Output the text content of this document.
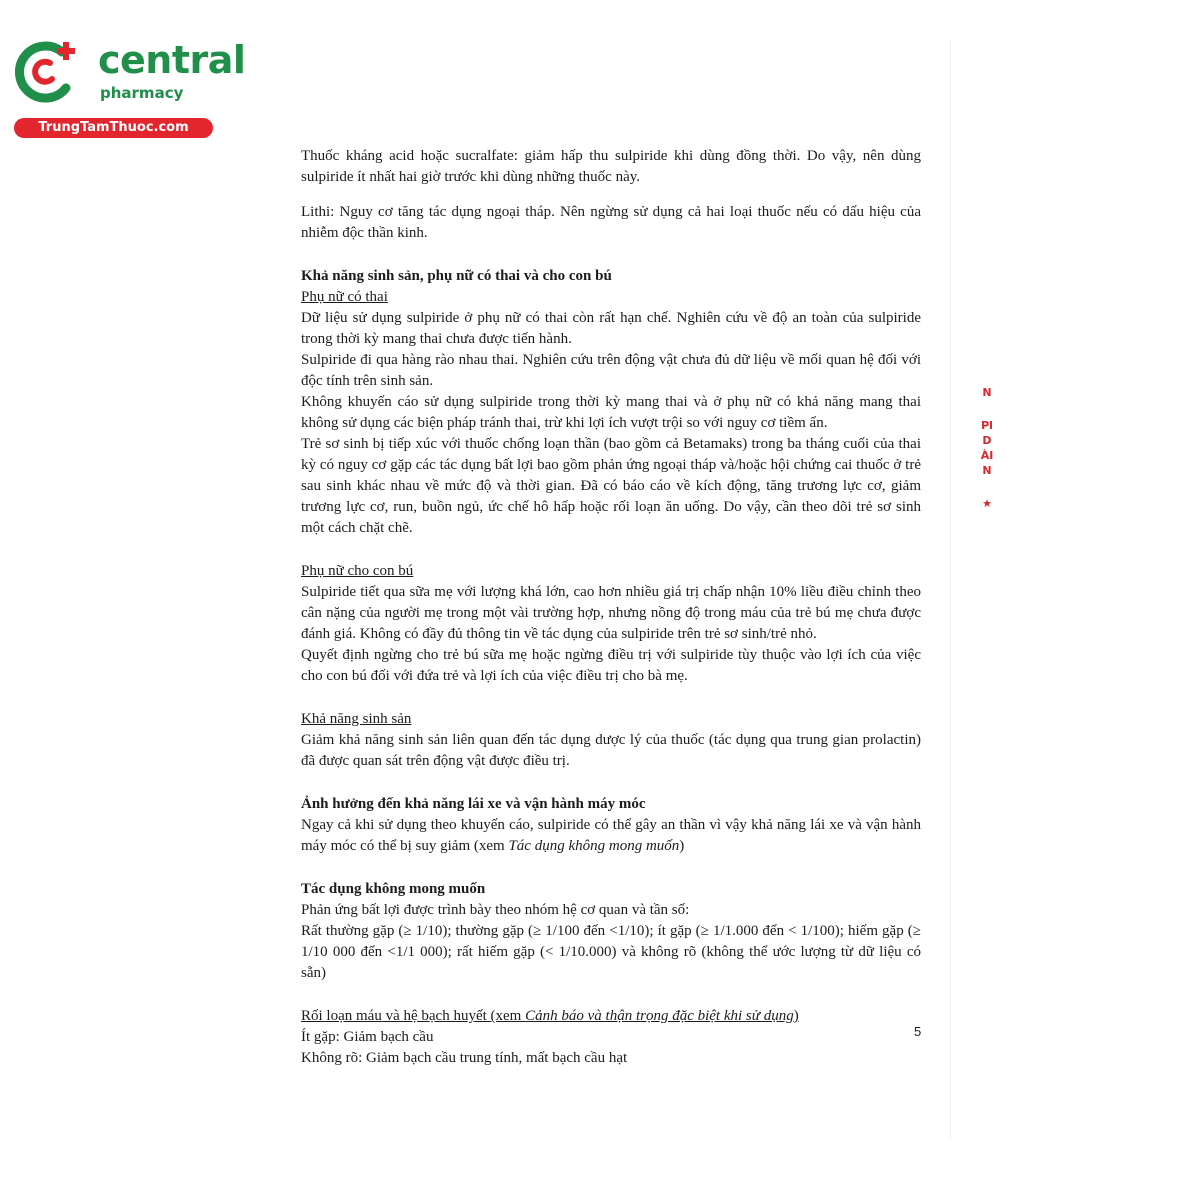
central
pharmacy
TrungTamThuoc.com

Thuốc kháng acid hoặc sucralfate: giảm hấp thu sulpiride khi dùng đồng thời. Do vậy, nên dùng sulpiride ít nhất hai giờ trước khi dùng những thuốc này.

Lithi: Nguy cơ tăng tác dụng ngoại tháp. Nên ngừng sử dụng cả hai loại thuốc nếu có dấu hiệu của nhiễm độc thần kinh.

Khả năng sinh sản, phụ nữ có thai và cho con bú

Phụ nữ có thai

Dữ liệu sử dụng sulpiride ở phụ nữ có thai còn rất hạn chế. Nghiên cứu về độ an toàn của sulpiride trong thời kỳ mang thai chưa được tiến hành.

Sulpiride đi qua hàng rào nhau thai. Nghiên cứu trên động vật chưa đủ dữ liệu về mối quan hệ đối với độc tính trên sinh sản.

Không khuyến cáo sử dụng sulpiride trong thời kỳ mang thai và ở phụ nữ có khả năng mang thai không sử dụng các biện pháp tránh thai, trừ khi lợi ích vượt trội so với nguy cơ tiềm ẩn.

Trẻ sơ sinh bị tiếp xúc với thuốc chống loạn thần (bao gồm cả Betamaks) trong ba tháng cuối của thai kỳ có nguy cơ gặp các tác dụng bất lợi bao gồm phản ứng ngoại tháp và/hoặc hội chứng cai thuốc ở trẻ sau sinh khác nhau về mức độ và thời gian. Đã có báo cáo về kích động, tăng trương lực cơ, giảm trương lực cơ, run, buồn ngủ, ức chế hô hấp hoặc rối loạn ăn uống. Do vậy, cần theo dõi trẻ sơ sinh một cách chặt chẽ.

Phụ nữ cho con bú

Sulpiride tiết qua sữa mẹ với lượng khá lớn, cao hơn nhiều giá trị chấp nhận 10% liều điều chỉnh theo cân nặng của người mẹ trong một vài trường hợp, nhưng nồng độ trong máu của trẻ bú mẹ chưa được đánh giá. Không có đầy đủ thông tin về tác dụng của sulpiride trên trẻ sơ sinh/trẻ nhỏ.

Quyết định ngừng cho trẻ bú sữa mẹ hoặc ngừng điều trị với sulpiride tùy thuộc vào lợi ích của việc cho con bú đối với đứa trẻ và lợi ích của việc điều trị cho bà mẹ.

Khả năng sinh sản

Giảm khả năng sinh sản liên quan đến tác dụng dược lý của thuốc (tác dụng qua trung gian prolactin) đã được quan sát trên động vật được điều trị.

Ảnh hưởng đến khả năng lái xe và vận hành máy móc

Ngay cả khi sử dụng theo khuyến cáo, sulpiride có thể gây an thần vì vậy khả năng lái xe và vận hành máy móc có thể bị suy giảm (xem Tác dụng không mong muốn)

Tác dụng không mong muốn

Phản ứng bất lợi được trình bày theo nhóm hệ cơ quan và tần số:

Rất thường gặp (≥ 1/10); thường gặp (≥ 1/100 đến <1/10); ít gặp (≥ 1/1.000 đến < 1/100); hiếm gặp (≥ 1/10 000 đến <1/1 000); rất hiếm gặp (< 1/10.000) và không rõ (không thể ước lượng từ dữ liệu có sẵn)

Rối loạn máu và hệ bạch huyết (xem Cảnh báo và thận trọng đặc biệt khi sử dụng)

Ít gặp: Giảm bạch cầu

Không rõ: Giảm bạch cầu trung tính, mất bạch cầu hạt

5
N
Pl
D
ÀI
N
★
